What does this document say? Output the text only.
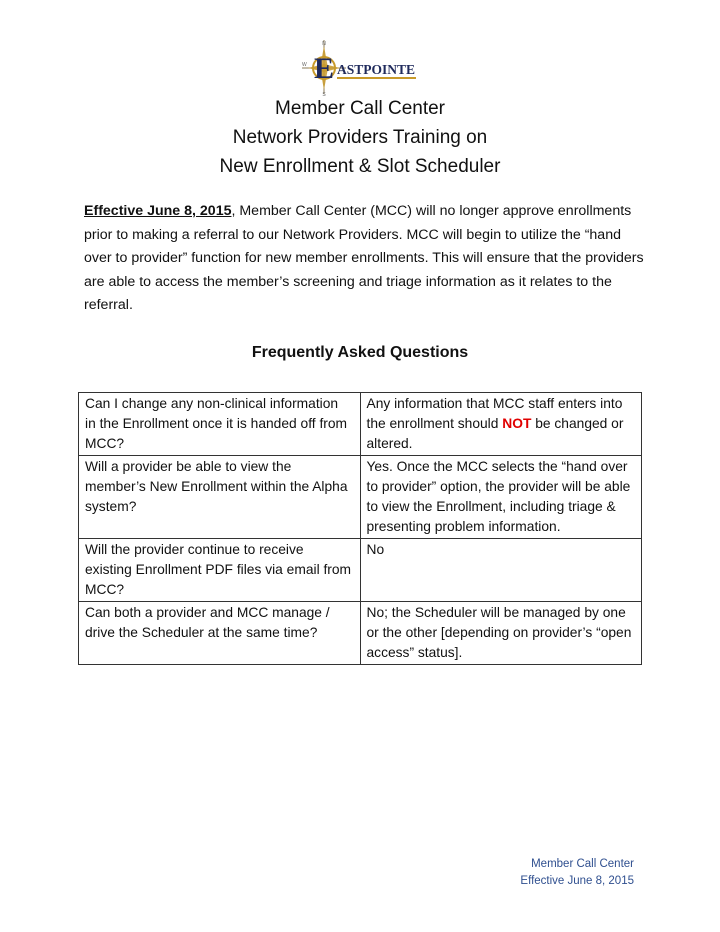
N
S
W E ASTPOINTE
Member Call Center
Network Providers Training on
New Enrollment & Slot Scheduler
Effective June 8, 2015, Member Call Center (MCC) will no longer approve enrollments prior to making a referral to our Network Providers. MCC will begin to utilize the “hand over to provider” function for new member enrollments. This will ensure that the providers are able to access the member’s screening and triage information as it relates to the referral.
Frequently Asked Questions
Can I change any non-clinical information in the Enrollment once it is handed off from MCC?	Any information that MCC staff enters into the enrollment should NOT be changed or altered.
Will a provider be able to view the member’s New Enrollment within the Alpha system?	Yes. Once the MCC selects the “hand over to provider” option, the provider will be able to view the Enrollment, including triage & presenting problem information.
Will the provider continue to receive existing Enrollment PDF files via email from MCC?	No
Can both a provider and MCC manage / drive the Scheduler at the same time?	No; the Scheduler will be managed by one or the other [depending on provider’s “open access” status].
Member Call Center
Effective June 8, 2015
